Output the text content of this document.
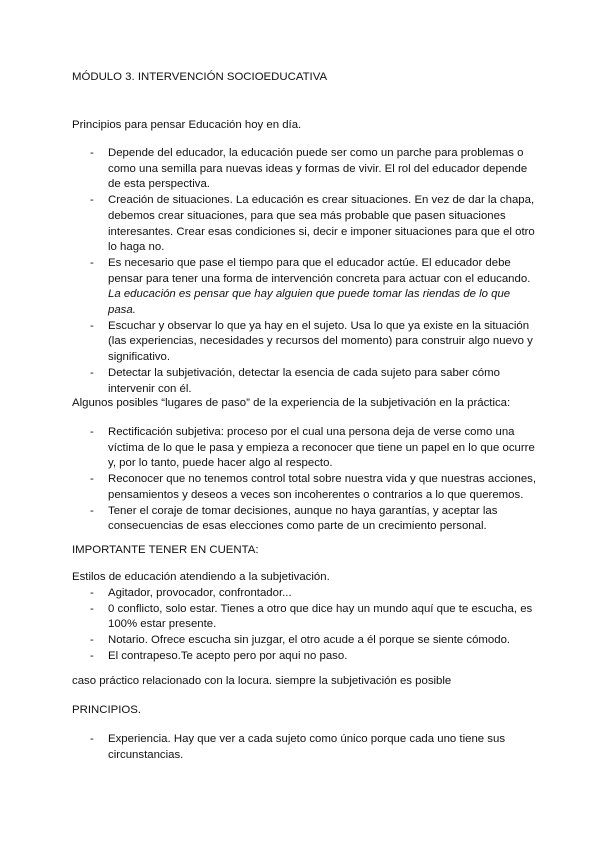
MÓDULO 3. INTERVENCIÓN SOCIOEDUCATIVA
Principios para pensar Educación hoy en día.
- Depende del educador, la educación puede ser como un parche para problemas o
como una semilla para nuevas ideas y formas de vivir. El rol del educador depende
de esta perspectiva.
- Creación de situaciones. La educación es crear situaciones. En vez de dar la chapa,
debemos crear situaciones, para que sea más probable que pasen situaciones
interesantes. Crear esas condiciones si, decir e imponer situaciones para que el otro
lo haga no.
- Es necesario que pase el tiempo para que el educador actúe. El educador debe
pensar para tener una forma de intervención concreta para actuar con el educando.
La educación es pensar que hay alguien que puede tomar las riendas de lo que
pasa.
- Escuchar y observar lo que ya hay en el sujeto. Usa lo que ya existe en la situación
(las experiencias, necesidades y recursos del momento) para construir algo nuevo y
significativo.
- Detectar la subjetivación, detectar la esencia de cada sujeto para saber cómo
intervenir con él.
Algunos posibles “lugares de paso” de la experiencia de la subjetivación en la práctica:
- Rectificación subjetiva: proceso por el cual una persona deja de verse como una
víctima de lo que le pasa y empieza a reconocer que tiene un papel en lo que ocurre
y, por lo tanto, puede hacer algo al respecto.
- Reconocer que no tenemos control total sobre nuestra vida y que nuestras acciones,
pensamientos y deseos a veces son incoherentes o contrarios a lo que queremos.
- Tener el coraje de tomar decisiones, aunque no haya garantías, y aceptar las
consecuencias de esas elecciones como parte de un crecimiento personal.
IMPORTANTE TENER EN CUENTA:
Estilos de educación atendiendo a la subjetivación.
- Agitador, provocador, confrontador...
- 0 conflicto, solo estar. Tienes a otro que dice hay un mundo aquí que te escucha, es
100% estar presente.
- Notario. Ofrece escucha sin juzgar, el otro acude a él porque se siente cómodo.
- El contrapeso.Te acepto pero por aqui no paso.
caso práctico relacionado con la locura. siempre la subjetivación es posible
PRINCIPIOS.
- Experiencia. Hay que ver a cada sujeto como único porque cada uno tiene sus
circunstancias.
